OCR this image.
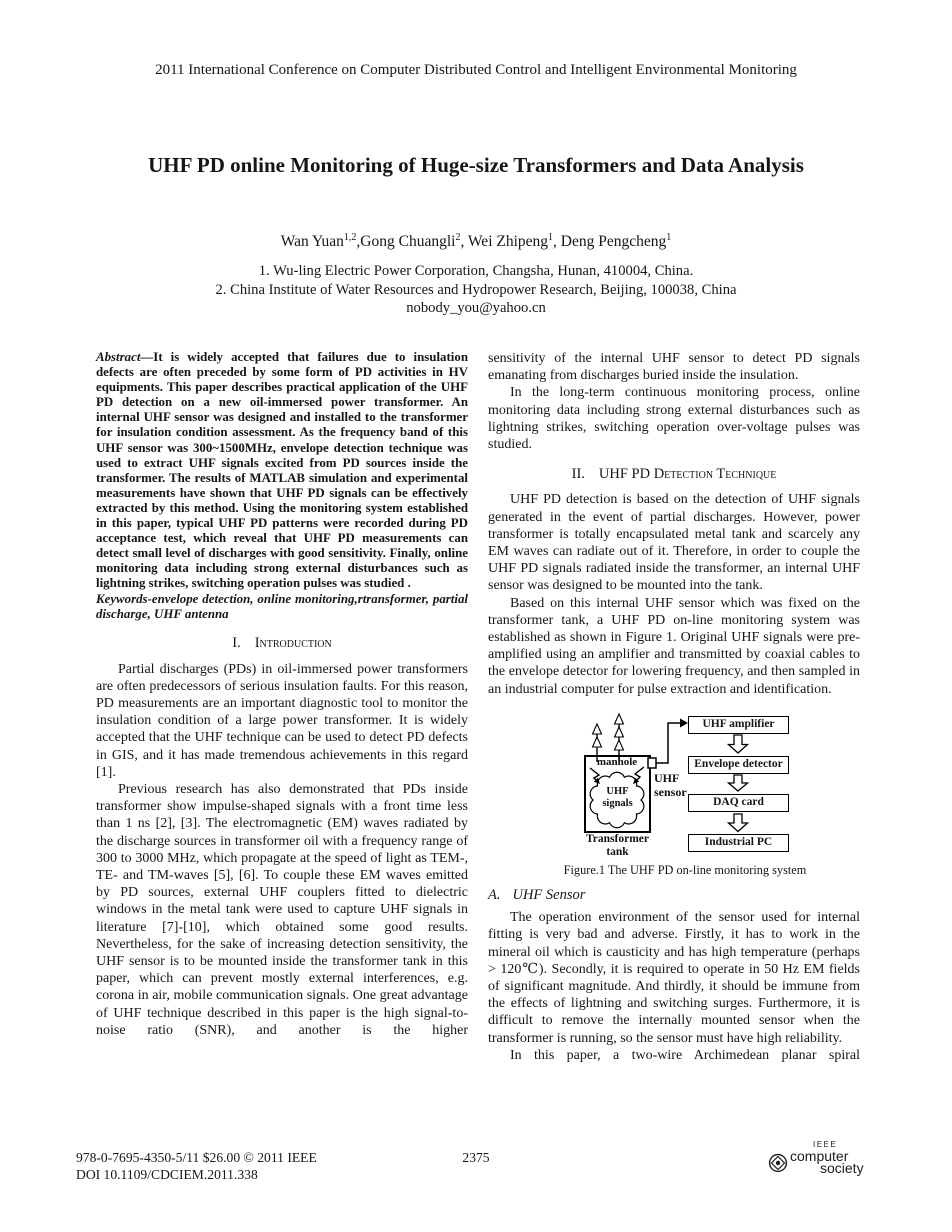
2011 International Conference on Computer Distributed Control and Intelligent Environmental Monitoring
UHF PD online Monitoring of Huge-size Transformers and Data Analysis
Wan Yuan$^{1,2}$,Gong Chuangli$^2$, Wei Zhipeng$^1$, Deng Pengcheng$^1$
1. Wu-ling Electric Power Corporation, Changsha, Hunan, 410004, China.
2. China Institute of Water Resources and Hydropower Research, Beijing, 100038, China
nobody_you@yahoo.cn

Abstract—It is widely accepted that failures due to insulation defects are often preceded by some form of PD activities in HV equipments. This paper describes practical application of the UHF PD detection on a new oil-immersed power transformer. An internal UHF sensor was designed and installed to the transformer for insulation condition assessment. As the frequency band of this UHF sensor was 300~1500MHz, envelope detection technique was used to extract UHF signals excited from PD sources inside the transformer. The results of MATLAB simulation and experimental measurements have shown that UHF PD signals can be effectively extracted by this method. Using the monitoring system established in this paper, typical UHF PD patterns were recorded during PD acceptance test, which reveal that UHF PD measurements can detect small level of discharges with good sensitivity. Finally, online monitoring data including strong external disturbances such as lightning strikes, switching operation pulses was studied .

Keywords-envelope detection, online monitoring,rtransformer, partial discharge, UHF antenna

I. Introduction

Partial discharges (PDs) in oil-immersed power transformers are often predecessors of serious insulation faults. For this reason, PD measurements are an important diagnostic tool to monitor the insulation condition of a large power transformer. It is widely accepted that the UHF technique can be used to detect PD defects in GIS, and it has made tremendous achievements in this regard [1].

Previous research has also demonstrated that PDs inside transformer show impulse-shaped signals with a front time less than 1 ns [2], [3]. The electromagnetic (EM) waves radiated by the discharge sources in transformer oil with a frequency range of 300 to 3000 MHz, which propagate at the speed of light as TEM-, TE- and TM-waves [5], [6]. To couple these EM waves emitted by PD sources, external UHF couplers fitted to dielectric windows in the metal tank were used to capture UHF signals in literature [7]-[10], which obtained some good results. Nevertheless, for the sake of increasing detection sensitivity, the UHF sensor is to be mounted inside the transformer tank in this paper, which can prevent mostly external interferences, e.g. corona in air, mobile communication signals. One great advantage of UHF technique described in this paper is the high signal-to-noise ratio (SNR), and another is the higher

sensitivity of the internal UHF sensor to detect PD signals emanating from discharges buried inside the insulation.

In the long-term continuous monitoring process, online monitoring data including strong external disturbances such as lightning strikes, switching operation over-voltage pulses was studied.

II. UHF PD Detection Technique

UHF PD detection is based on the detection of UHF signals generated in the event of partial discharges. However, power transformer is totally encapsulated metal tank and scarcely any EM waves can radiate out of it. Therefore, in order to couple the UHF PD signals radiated inside the transformer, an internal UHF sensor was designed to be mounted into the tank.

Based on this internal UHF sensor which was fixed on the transformer tank, a UHF PD on-line monitoring system was established as shown in Figure 1. Original UHF signals were pre-amplified using an amplifier and transmitted by coaxial cables to the envelope detector for lowering frequency, and then sampled in an industrial computer for pulse extraction and identification.

UHF amplifier
Envelope detector
DAQ card
Industrial PC
manhole
UHF signals
UHF sensor
Transformer tank

Figure.1 The UHF PD on-line monitoring system

A. UHF Sensor

The operation environment of the sensor used for internal fitting is very bad and adverse. Firstly, it has to work in the mineral oil which is causticity and has high temperature (perhaps > 120℃). Secondly, it is required to operate in 50 Hz EM fields of significant magnitude. And thirdly, it should be immune from the effects of lightning and switching surges. Furthermore, it is difficult to remove the internally mounted sensor when the transformer is running, so the sensor must have high reliability.

In this paper, a two-wire Archimedean planar spiral

978-0-7695-4350-5/11 $26.00 © 2011 IEEE
DOI 10.1109/CDCIEM.2011.338
2375
IEEE
computer
society
